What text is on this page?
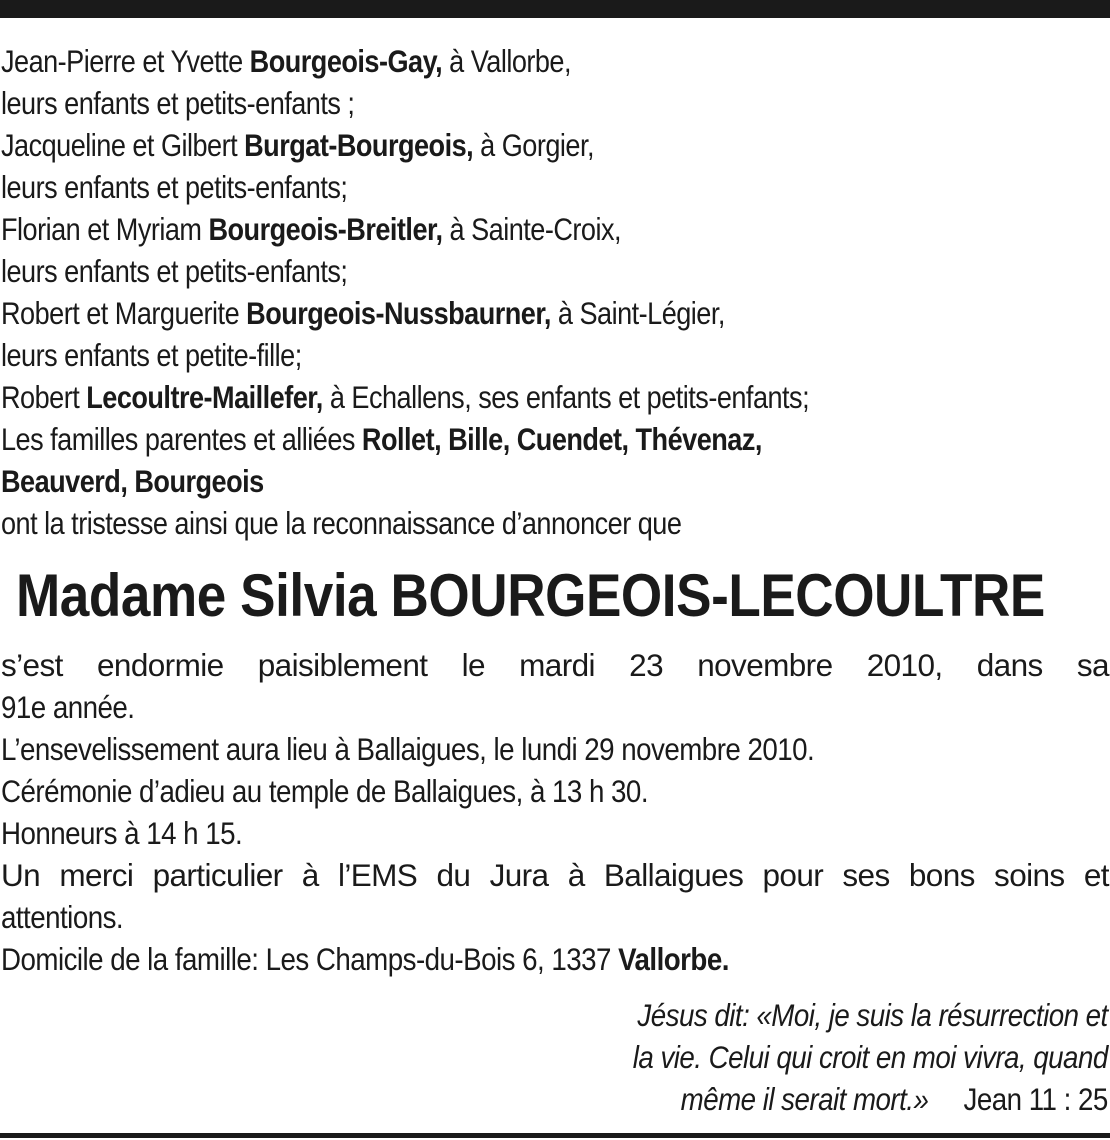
Jean-Pierre et Yvette Bourgeois-Gay, à Vallorbe,
leurs enfants et petits-enfants ;
Jacqueline et Gilbert Burgat-Bourgeois, à Gorgier,
leurs enfants et petits-enfants;
Florian et Myriam Bourgeois-Breitler, à Sainte-Croix,
leurs enfants et petits-enfants;
Robert et Marguerite Bourgeois-Nussbaurner, à Saint-Légier,
leurs enfants et petite-fille;
Robert Lecoultre-Maillefer, à Echallens, ses enfants et petits-enfants;
Les familles parentes et alliées Rollet, Bille, Cuendet, Thévenaz,
Beauverd, Bourgeois
ont la tristesse ainsi que la reconnaissance d’annoncer que
Madame Silvia BOURGEOIS-LECOULTRE
s’est endormie paisiblement le mardi 23 novembre 2010, dans sa
91e année.
L’ensevelissement aura lieu à Ballaigues, le lundi 29 novembre 2010.
Cérémonie d’adieu au temple de Ballaigues, à 13 h 30.
Honneurs à 14 h 15.
Un merci particulier à l’EMS du Jura à Ballaigues pour ses bons soins et
attentions.
Domicile de la famille: Les Champs-du-Bois 6, 1337 Vallorbe.
Jésus dit: «Moi, je suis la résurrection et
la vie. Celui qui croit en moi vivra, quand
même il serait mort.» Jean 11 : 25
